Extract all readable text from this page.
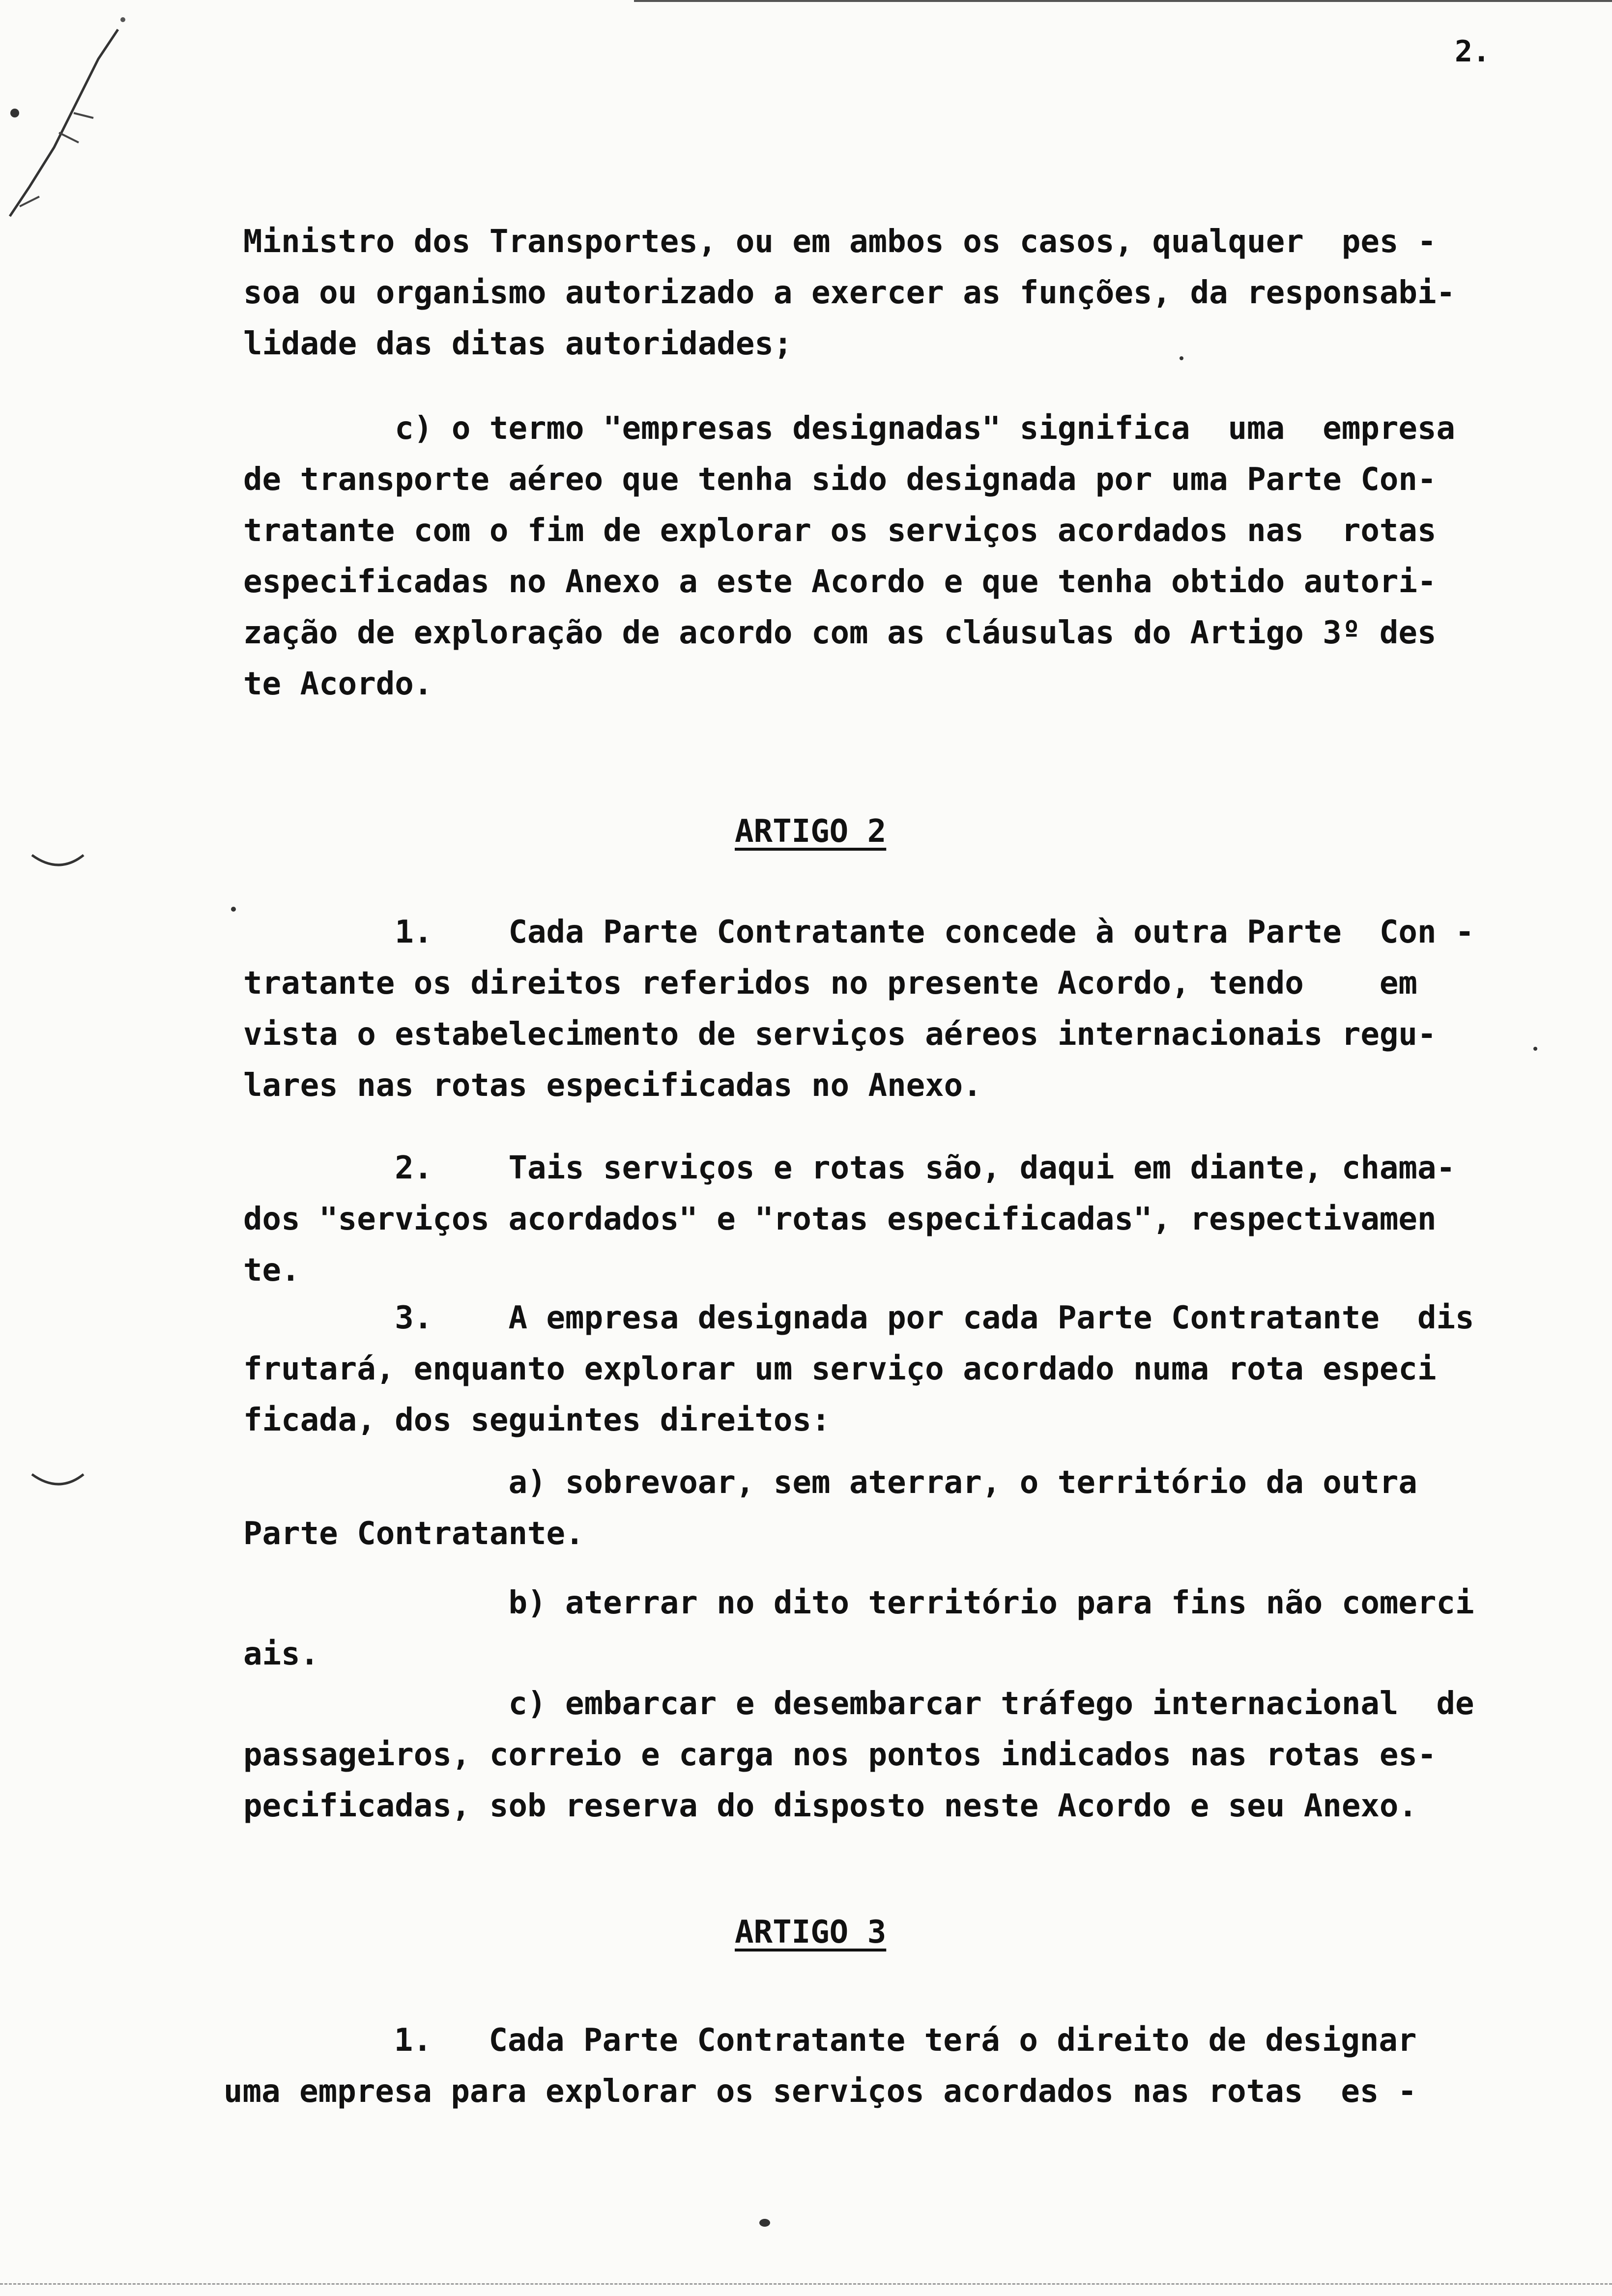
2.

Ministro dos Transportes, ou em ambos os casos, qualquer  pes -
soa ou organismo autorizado a exercer as funções, da responsabi-
lidade das ditas autoridades;

c) o termo "empresas designadas" significa  uma  empresa
de transporte aéreo que tenha sido designada por uma Parte Con-
tratante com o fim de explorar os serviços acordados nas  rotas
especificadas no Anexo a este Acordo e que tenha obtido autori-
zação de exploração de acordo com as cláusulas do Artigo 3º des
te Acordo.

ARTIGO 2

1.    Cada Parte Contratante concede à outra Parte  Con -
tratante os direitos referidos no presente Acordo, tendo    em
vista o estabelecimento de serviços aéreos internacionais regu-
lares nas rotas especificadas no Anexo.

2.    Tais serviços e rotas são, daqui em diante, chama-
dos "serviços acordados" e "rotas especificadas", respectivamen
te.

3.    A empresa designada por cada Parte Contratante  dis
frutará, enquanto explorar um serviço acordado numa rota especi
ficada, dos seguintes direitos:

a) sobrevoar, sem aterrar, o território da outra
Parte Contratante.

b) aterrar no dito território para fins não comerci
ais.

c) embarcar e desembarcar tráfego internacional  de
passageiros, correio e carga nos pontos indicados nas rotas es-
pecificadas, sob reserva do disposto neste Acordo e seu Anexo.

ARTIGO 3

1.   Cada Parte Contratante terá o direito de designar
uma empresa para explorar os serviços acordados nas rotas  es -
